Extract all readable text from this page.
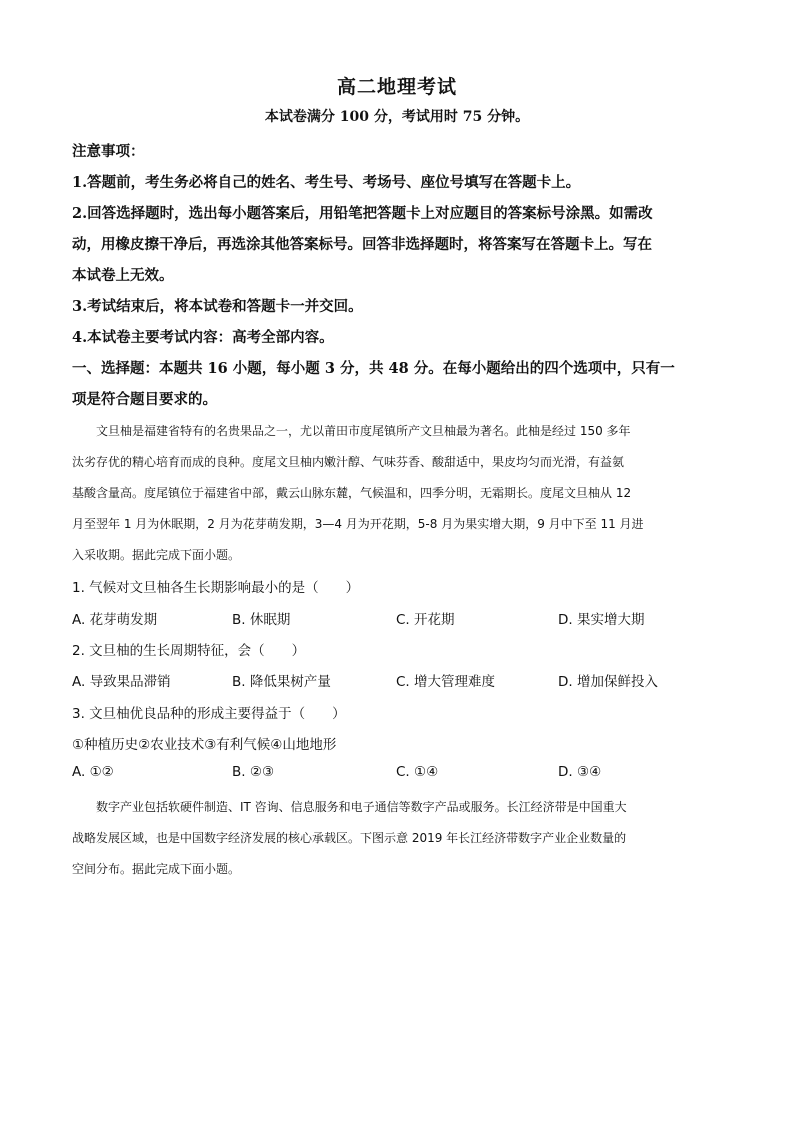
高二地理考试
本试卷满分 100 分，考试用时 75 分钟。
注意事项：
1.答题前，考生务必将自己的姓名、考生号、考场号、座位号填写在答题卡上。
2.回答选择题时，选出每小题答案后，用铅笔把答题卡上对应题目的答案标号涂黑。如需改
动，用橡皮擦干净后，再选涂其他答案标号。回答非选择题时，将答案写在答题卡上。写在
本试卷上无效。
3.考试结束后，将本试卷和答题卡一并交回。
4.本试卷主要考试内容：高考全部内容。
一、选择题：本题共 16 小题，每小题 3 分，共 48 分。在每小题给出的四个选项中，只有一
项是符合题目要求的。
文旦柚是福建省特有的名贵果品之一，尤以莆田市度尾镇所产文旦柚最为著名。此柚是经过 150 多年
汰劣存优的精心培育而成的良种。度尾文旦柚内嫩汁醇、气味芬香、酸甜适中，果皮均匀而光滑，有益氨
基酸含量高。度尾镇位于福建省中部，戴云山脉东麓，气候温和，四季分明，无霜期长。度尾文旦柚从 12
月至翌年 1 月为休眠期，2 月为花芽萌发期，3—4 月为开花期，5-8 月为果实增大期，9 月中下至 11 月进
入采收期。据此完成下面小题。
1. 气候对文旦柚各生长期影响最小的是（　　）
A. 花芽萌发期	B. 休眠期	C. 开花期	D. 果实增大期
2. 文旦柚的生长周期特征，会（　　）
A. 导致果品滞销	B. 降低果树产量	C. 增大管理难度	D. 增加保鲜投入
3. 文旦柚优良品种的形成主要得益于（　　）
①种植历史②农业技术③有利气候④山地地形
A. ①②	B. ②③	C. ①④	D. ③④
数字产业包括软硬件制造、IT 咨询、信息服务和电子通信等数字产品或服务。长江经济带是中国重大
战略发展区域，也是中国数字经济发展的核心承载区。下图示意 2019 年长江经济带数字产业企业数量的
空间分布。据此完成下面小题。
